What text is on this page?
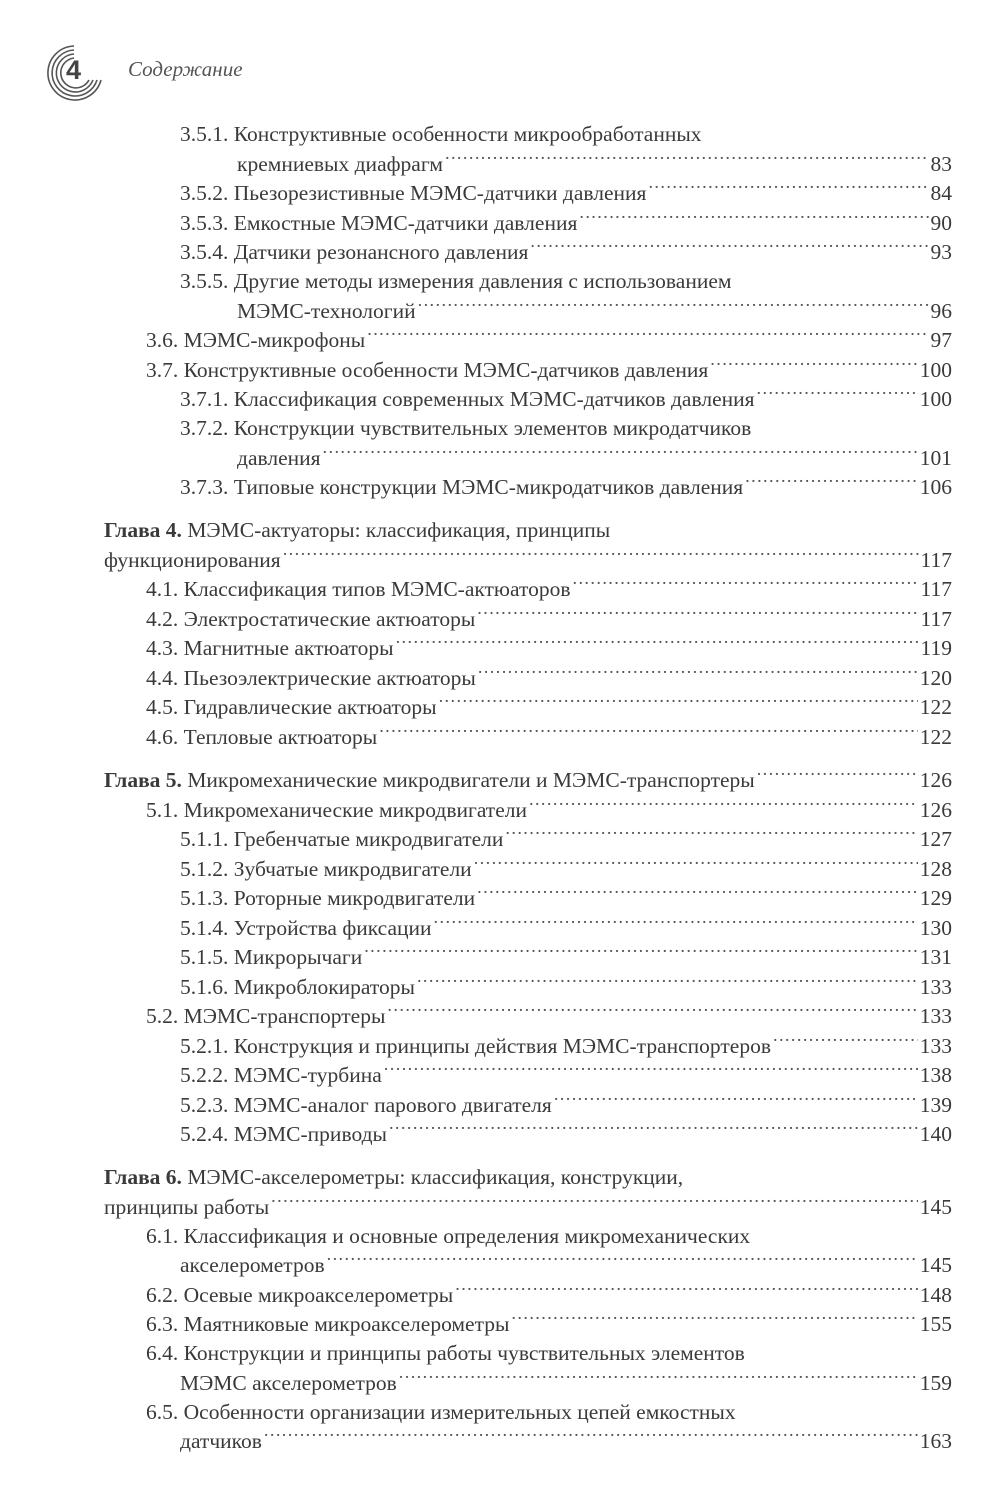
4 Содержание
3.5.1. Конструктивные особенности микрообработанных
кремниевых диафрагм .....	83
3.5.2. Пьезорезистивные МЭМС-датчики давления .....	84
3.5.3. Емкостные МЭМС-датчики давления .....	90
3.5.4. Датчики резонансного давления .....	93
3.5.5. Другие методы измерения давления с использованием
МЭМС-технологий .....	96
3.6. МЭМС-микрофоны .....	97
3.7. Конструктивные особенности МЭМС-датчиков давления .....	100
3.7.1. Классификация современных МЭМС-датчиков давления .....	100
3.7.2. Конструкции чувствительных элементов микродатчиков
давления .....	101
3.7.3. Типовые конструкции МЭМС-микродатчиков давления .....	106
Глава 4. МЭМС-актуаторы: классификация, принципы
функционирования .....	117
4.1. Классификация типов МЭМС-актюаторов .....	117
4.2. Электростатические актюаторы .....	117
4.3. Магнитные актюаторы .....	119
4.4. Пьезоэлектрические актюаторы .....	120
4.5. Гидравлические актюаторы .....	122
4.6. Тепловые актюаторы .....	122
Глава 5. Микромеханические микродвигатели и МЭМС-транспортеры .....	126
5.1. Микромеханические микродвигатели .....	126
5.1.1. Гребенчатые микродвигатели .....	127
5.1.2. Зубчатые микродвигатели .....	128
5.1.3. Роторные микродвигатели .....	129
5.1.4. Устройства фиксации .....	130
5.1.5. Микрорычаги .....	131
5.1.6. Микроблокираторы .....	133
5.2. МЭМС-транспортеры .....	133
5.2.1. Конструкция и принципы действия МЭМС-транспортеров .....	133
5.2.2. МЭМС-турбина .....	138
5.2.3. МЭМС-аналог парового двигателя .....	139
5.2.4. МЭМС-приводы .....	140
Глава 6. МЭМС-акселерометры: классификация, конструкции,
принципы работы .....	145
6.1. Классификация и основные определения микромеханических
акселерометров .....	145
6.2. Осевые микроакселерометры .....	148
6.3. Маятниковые микроакселерометры .....	155
6.4. Конструкции и принципы работы чувствительных элементов
МЭМС акселерометров .....	159
6.5. Особенности организации измерительных цепей емкостных
датчиков .....	163
